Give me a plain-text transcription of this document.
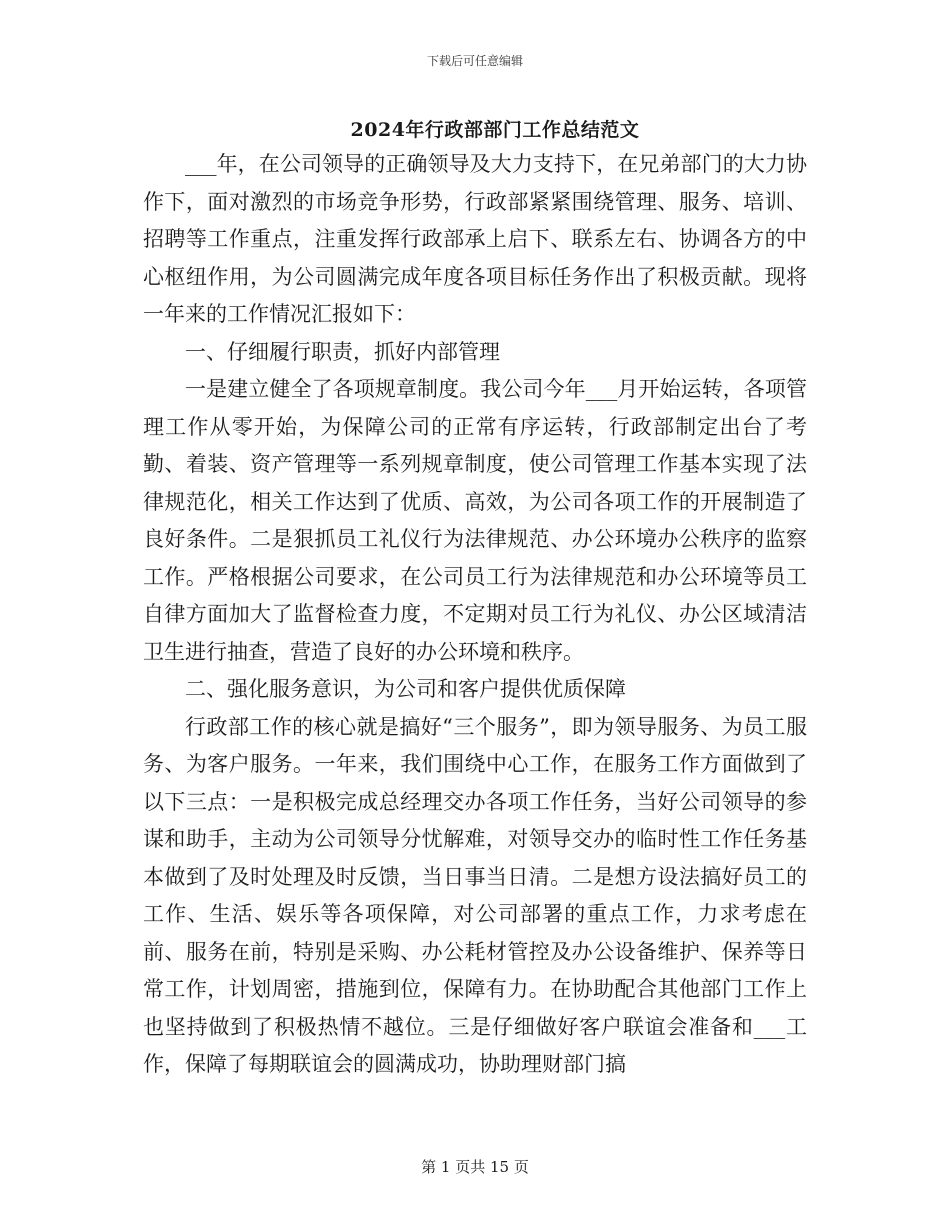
下载后可任意编辑
2024年行政部部门工作总结范文

___年，在公司领导的正确领导及大力支持下，在兄弟部门的大力协作下，面对激烈的市场竞争形势，行政部紧紧围绕管理、服务、培训、招聘等工作重点，注重发挥行政部承上启下、联系左右、协调各方的中心枢纽作用，为公司圆满完成年度各项目标任务作出了积极贡献。现将一年来的工作情况汇报如下：

一、仔细履行职责，抓好内部管理

一是建立健全了各项规章制度。我公司今年___月开始运转，各项管理工作从零开始，为保障公司的正常有序运转，行政部制定出台了考勤、着装、资产管理等一系列规章制度，使公司管理工作基本实现了法律规范化，相关工作达到了优质、高效，为公司各项工作的开展制造了良好条件。二是狠抓员工礼仪行为法律规范、办公环境办公秩序的监察工作。严格根据公司要求，在公司员工行为法律规范和办公环境等员工自律方面加大了监督检查力度，不定期对员工行为礼仪、办公区域清洁卫生进行抽查，营造了良好的办公环境和秩序。

二、强化服务意识，为公司和客户提供优质保障

行政部工作的核心就是搞好“三个服务”，即为领导服务、为员工服务、为客户服务。一年来，我们围绕中心工作，在服务工作方面做到了以下三点：一是积极完成总经理交办各项工作任务，当好公司领导的参谋和助手，主动为公司领导分忧解难，对领导交办的临时性工作任务基本做到了及时处理及时反馈，当日事当日清。二是想方设法搞好员工的工作、生活、娱乐等各项保障，对公司部署的重点工作，力求考虑在前、服务在前，特别是采购、办公耗材管控及办公设备维护、保养等日常工作，计划周密，措施到位，保障有力。在协助配合其他部门工作上也坚持做到了积极热情不越位。三是仔细做好客户联谊会准备和___工作，保障了每期联谊会的圆满成功，协助理财部门搞

第 1 页共 15 页
